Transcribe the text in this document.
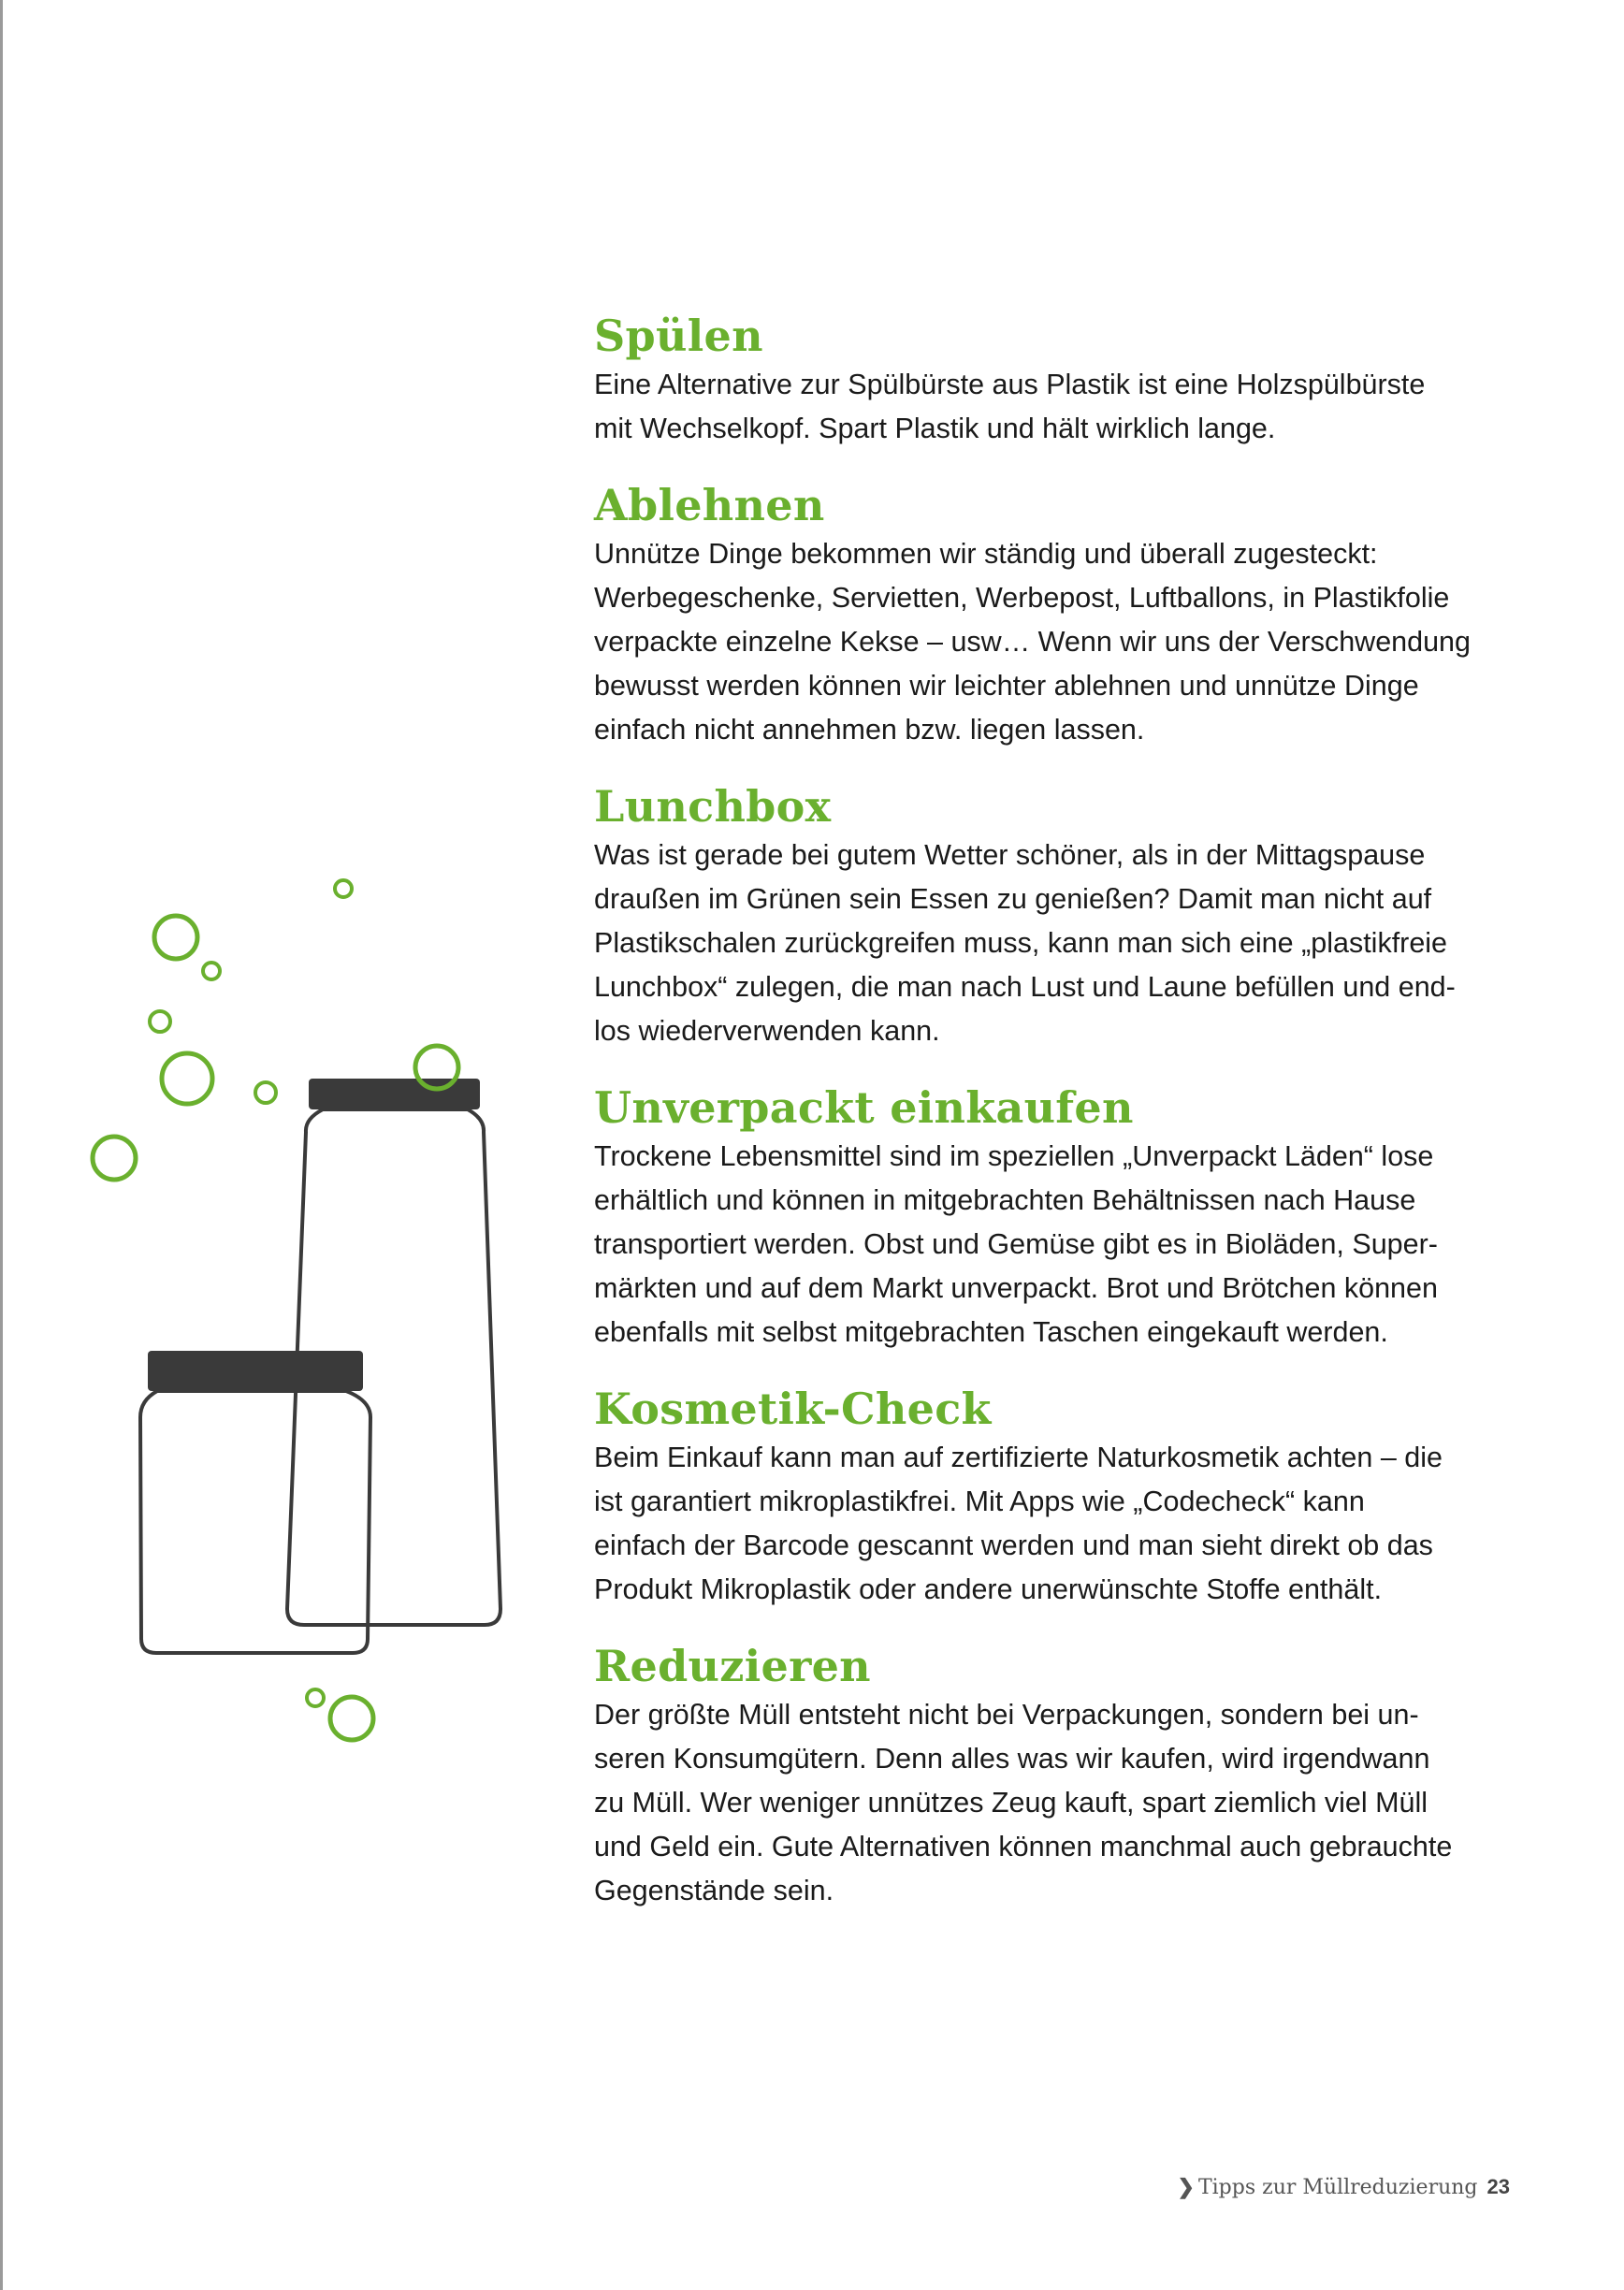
Spülen

Eine Alternative zur Spülbürste aus Plastik ist eine Holzspülbürste
mit Wechselkopf. Spart Plastik und hält wirklich lange.

Ablehnen

Unnütze Dinge bekommen wir ständig und überall zugesteckt:
Werbegeschenke, Servietten, Werbepost, Luftballons, in Plastikfolie
verpackte einzelne Kekse – usw… Wenn wir uns der Verschwendung
bewusst werden können wir leichter ablehnen und unnütze Dinge
einfach nicht annehmen bzw. liegen lassen.

Lunchbox

Was ist gerade bei gutem Wetter schöner, als in der Mittagspause
draußen im Grünen sein Essen zu genießen? Damit man nicht auf
Plastikschalen zurückgreifen muss, kann man sich eine „plastikfreie
Lunchbox“ zulegen, die man nach Lust und Laune befüllen und end-
los wiederverwenden kann.

Unverpackt einkaufen

Trockene Lebensmittel sind im speziellen „Unverpackt Läden“ lose
erhältlich und können in mitgebrachten Behältnissen nach Hause
transportiert werden. Obst und Gemüse gibt es in Bioläden, Super-
märkten und auf dem Markt unverpackt. Brot und Brötchen können
ebenfalls mit selbst mitgebrachten Taschen eingekauft werden.

Kosmetik-Check

Beim Einkauf kann man auf zertifizierte Naturkosmetik achten – die
ist garantiert mikroplastikfrei. Mit Apps wie „Codecheck“ kann
einfach der Barcode gescannt werden und man sieht direkt ob das
Produkt Mikroplastik oder andere unerwünschte Stoffe enthält.

Reduzieren

Der größte Müll entsteht nicht bei Verpackungen, sondern bei un-
seren Konsumgütern. Denn alles was wir kaufen, wird irgendwann
zu Müll. Wer weniger unnützes Zeug kauft, spart ziemlich viel Müll
und Geld ein. Gute Alternativen können manchmal auch gebrauchte
Gegenstände sein.

❯ Tipps zur Müllreduzierung 23
